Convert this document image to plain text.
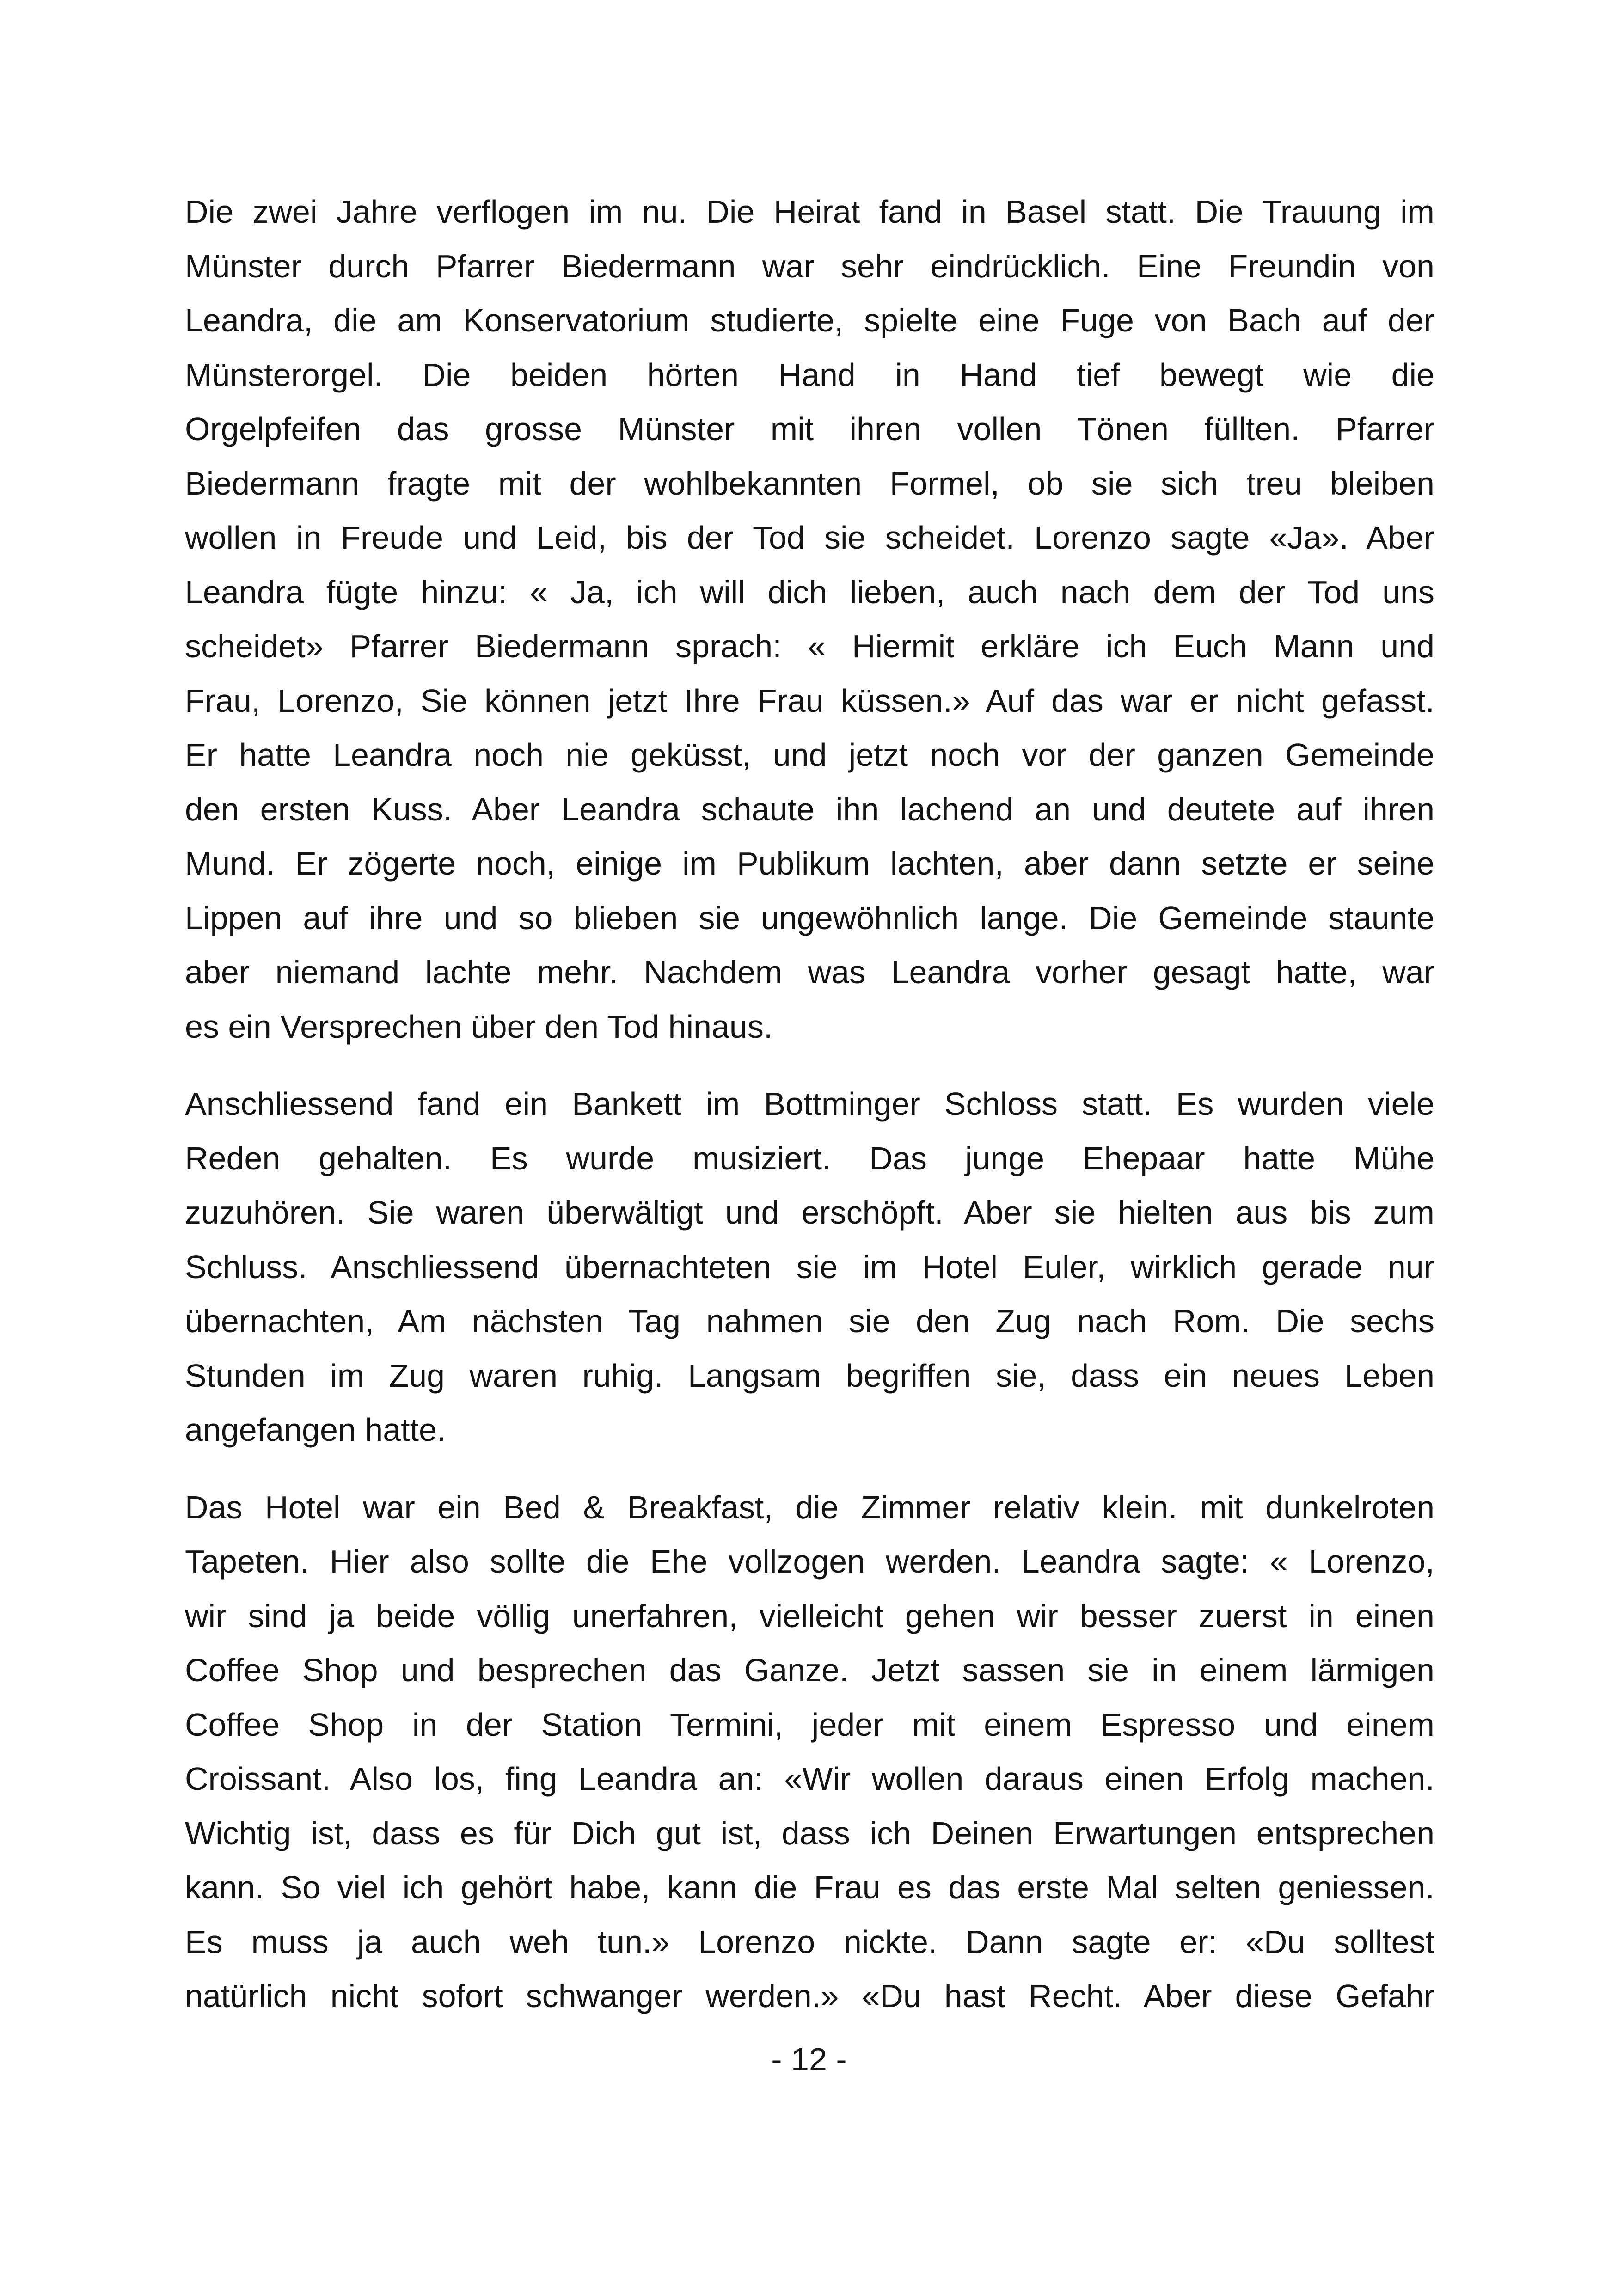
Die zwei Jahre verflogen im nu. Die Heirat fand in Basel statt. Die Trauung im
Münster durch Pfarrer Biedermann war sehr eindrücklich. Eine Freundin von
Leandra, die am Konservatorium studierte, spielte eine Fuge von Bach auf der
Münsterorgel. Die beiden hörten Hand in Hand tief bewegt wie die
Orgelpfeifen das grosse Münster mit ihren vollen Tönen füllten. Pfarrer
Biedermann fragte mit der wohlbekannten Formel, ob sie sich treu bleiben
wollen in Freude und Leid, bis der Tod sie scheidet. Lorenzo sagte «Ja». Aber
Leandra fügte hinzu: « Ja, ich will dich lieben, auch nach dem der Tod uns
scheidet» Pfarrer Biedermann sprach: « Hiermit erkläre ich Euch Mann und
Frau, Lorenzo, Sie können jetzt Ihre Frau küssen.» Auf das war er nicht gefasst.
Er hatte Leandra noch nie geküsst, und jetzt noch vor der ganzen Gemeinde
den ersten Kuss. Aber Leandra schaute ihn lachend an und deutete auf ihren
Mund. Er zögerte noch, einige im Publikum lachten, aber dann setzte er seine
Lippen auf ihre und so blieben sie ungewöhnlich lange. Die Gemeinde staunte
aber niemand lachte mehr. Nachdem was Leandra vorher gesagt hatte, war
es ein Versprechen über den Tod hinaus.
Anschliessend fand ein Bankett im Bottminger Schloss statt. Es wurden viele
Reden gehalten. Es wurde musiziert. Das junge Ehepaar hatte Mühe
zuzuhören. Sie waren überwältigt und erschöpft. Aber sie hielten aus bis zum
Schluss. Anschliessend übernachteten sie im Hotel Euler, wirklich gerade nur
übernachten, Am nächsten Tag nahmen sie den Zug nach Rom. Die sechs
Stunden im Zug waren ruhig. Langsam begriffen sie, dass ein neues Leben
angefangen hatte.
Das Hotel war ein Bed & Breakfast, die Zimmer relativ klein. mit dunkelroten
Tapeten. Hier also sollte die Ehe vollzogen werden. Leandra sagte: « Lorenzo,
wir sind ja beide völlig unerfahren, vielleicht gehen wir besser zuerst in einen
Coffee Shop und besprechen das Ganze. Jetzt sassen sie in einem lärmigen
Coffee Shop in der Station Termini, jeder mit einem Espresso und einem
Croissant. Also los, fing Leandra an: «Wir wollen daraus einen Erfolg machen.
Wichtig ist, dass es für Dich gut ist, dass ich Deinen Erwartungen entsprechen
kann. So viel ich gehört habe, kann die Frau es das erste Mal selten geniessen.
Es muss ja auch weh tun.» Lorenzo nickte. Dann sagte er: «Du solltest
natürlich nicht sofort schwanger werden.» «Du hast Recht. Aber diese Gefahr
- 12 -
